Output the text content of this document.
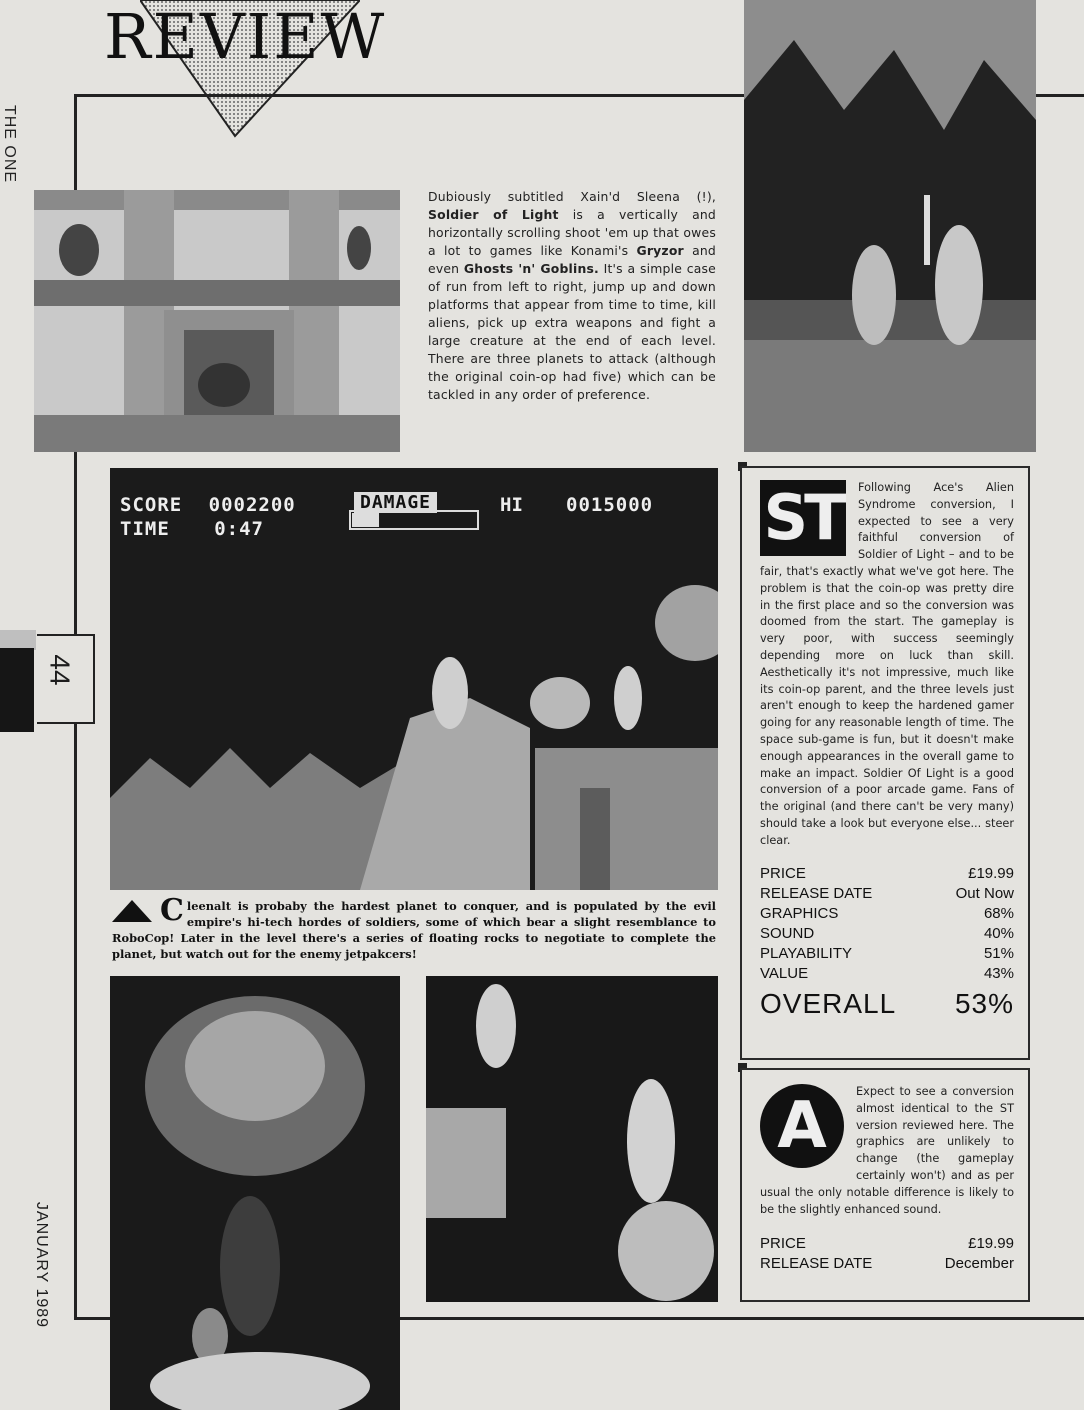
REVIEW
THE ONE
44
JANUARY 1989
Dubiously subtitled Xain'd Sleena (!), Soldier of Light is a vertically and horizontally scrolling shoot 'em up that owes a lot to games like Konami's Gryzor and even Ghosts 'n' Goblins. It's a simple case of run from left to right, jump up and down platforms that appear from time to time, kill aliens, pick up extra weapons and fight a large creature at the end of each level. There are three planets to attack (although the original coin-op had five) which can be tackled in any order of preference.
SCORE 0002200
TIME 0:47
DAMAGE	HI 0015000
C leenalt is probaby the hardest planet to conquer, and is populated by the evil empire's hi-tech hordes of soldiers, some of which bear a slight resemblance to RoboCop! Later in the level there's a series of floating rocks to negotiate to complete the planet, but watch out for the enemy jetpakcers!
ST	Following Ace's Alien Syndrome conversion, I expected to see a very faithful conversion of Soldier of Light – and to be fair, that's exactly what we've got here. The problem is that the coin-op was pretty dire in the first place and so the conversion was doomed from the start. The gameplay is very poor, with success seemingly depending more on luck than skill. Aesthetically it's not impressive, much like its coin-op parent, and the three levels just aren't enough to keep the hardened gamer going for any reasonable length of time. The space sub-game is fun, but it doesn't make enough appearances in the overall game to make an impact. Soldier Of Light is a good conversion of a poor arcade game. Fans of the original (and there can't be very many) should take a look but everyone else... steer clear.
PRICE	£19.99
RELEASE DATE	Out Now
GRAPHICS	68%
SOUND	40%
PLAYABILITY	51%
VALUE	43%
OVERALL 53%
A	Expect to see a conversion almost identical to the ST version reviewed here. The graphics are unlikely to change (the gameplay certainly won't) and as per usual the only notable difference is likely to be the slightly enhanced sound.
PRICE	£19.99
RELEASE DATE	December
